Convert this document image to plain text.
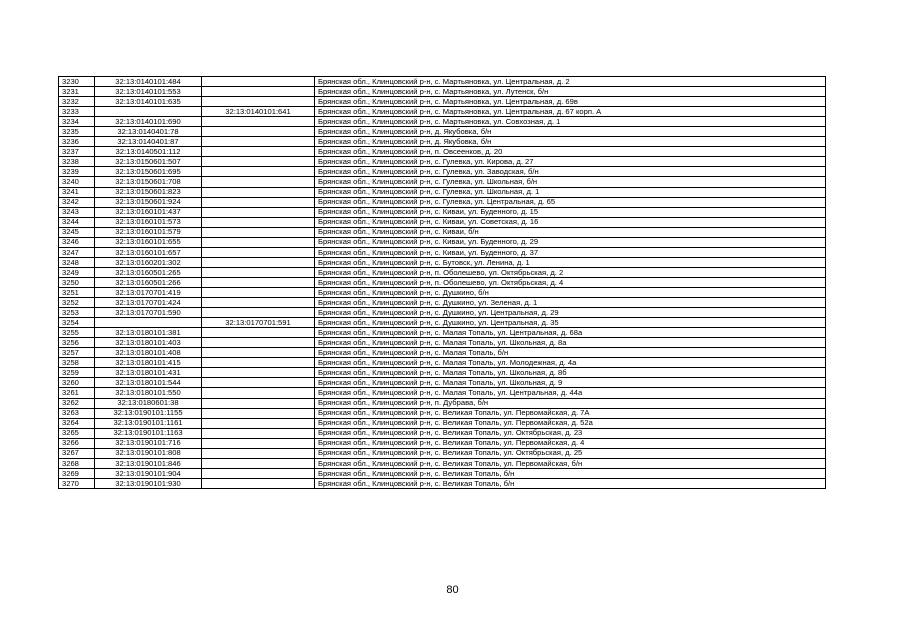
3230	32:13:0140101:484		Брянская обл., Клинцовский р-н, с. Мартьяновка, ул. Центральная, д. 2
3231	32:13:0140101:553		Брянская обл., Клинцовский р-н, с. Мартьяновка, ул. Лутенск, б/н
3232	32:13:0140101:635		Брянская обл., Клинцовский р-н, с. Мартьяновка, ул. Центральная, д. 69в
3233		32:13:0140101:641	Брянская обл., Клинцовский р-н, с. Мартьяновка, ул. Центральная, д. 67 корп. А
3234	32:13:0140101:690		Брянская обл., Клинцовский р-н, с. Мартьяновка, ул. Совхозная, д. 1
3235	32:13:0140401:78		Брянская обл., Клинцовский р-н, д. Якубовка, б/н
3236	32:13:0140401:87		Брянская обл., Клинцовский р-н, д. Якубовка, б/н
3237	32:13:0140501:112		Брянская обл., Клинцовский р-н, п. Овсеенков, д. 20
3238	32:13:0150601:507		Брянская обл., Клинцовский р-н, с. Гулевка, ул. Кирова, д. 27
3239	32:13:0150601:695		Брянская обл., Клинцовский р-н, с. Гулевка, ул. Заводская, б/н
3240	32:13:0150601:708		Брянская обл., Клинцовский р-н, с. Гулевка, ул. Школьная, б/н
3241	32:13:0150601:823		Брянская обл., Клинцовский р-н, с. Гулевка, ул. Школьная, д. 1
3242	32:13:0150601:924		Брянская обл., Клинцовский р-н, с. Гулевка, ул. Центральная, д. 65
3243	32:13:0160101:437		Брянская обл., Клинцовский р-н, с. Киваи, ул. Буденного, д. 15
3244	32:13:0160101:573		Брянская обл., Клинцовский р-н, с. Киваи, ул. Советская, д. 16
3245	32:13:0160101:579		Брянская обл., Клинцовский р-н, с. Киваи, б/н
3246	32:13:0160101:655		Брянская обл., Клинцовский р-н, с. Киваи, ул. Буденного, д. 29
3247	32:13:0160101:657		Брянская обл., Клинцовский р-н, с. Киваи, ул. Буденного, д. 37
3248	32:13:0160201:302		Брянская обл., Клинцовский р-н, с. Бутовск, ул. Ленина, д. 1
3249	32:13:0160501:265		Брянская обл., Клинцовский р-н, п. Оболешево, ул. Октябрьская, д. 2
3250	32:13:0160501:266		Брянская обл., Клинцовский р-н, п. Оболешево, ул. Октябрьская, д. 4
3251	32:13:0170701:419		Брянская обл., Клинцовский р-н, с. Душкино, б/н
3252	32:13:0170701:424		Брянская обл., Клинцовский р-н, с. Душкино, ул. Зеленая, д. 1
3253	32:13:0170701:590		Брянская обл., Клинцовский р-н, с. Душкино, ул. Центральная, д. 29
3254		32:13:0170701:591	Брянская обл., Клинцовский р-н, с. Душкино, ул. Центральная, д. 35
3255	32:13:0180101:381		Брянская обл., Клинцовский р-н, с. Малая Топаль, ул. Центральная, д. 68а
3256	32:13:0180101:403		Брянская обл., Клинцовский р-н, с. Малая Топаль, ул. Школьная, д. 8а
3257	32:13:0180101:408		Брянская обл., Клинцовский р-н, с. Малая Топаль, б/н
3258	32:13:0180101:415		Брянская обл., Клинцовский р-н, с. Малая Топаль, ул. Молодежная, д. 4а
3259	32:13:0180101:431		Брянская обл., Клинцовский р-н, с. Малая Топаль, ул. Школьная, д. 8б
3260	32:13:0180101:544		Брянская обл., Клинцовский р-н, с. Малая Топаль, ул. Школьная, д. 9
3261	32:13:0180101:550		Брянская обл., Клинцовский р-н, с. Малая Топаль, ул. Центральная, д. 44а
3262	32:13:0180601:38		Брянская обл., Клинцовский р-н, п. Дубрава, б/н
3263	32:13:0190101:1155		Брянская обл., Клинцовский р-н, с. Великая Топаль, ул. Первомайская, д. 7А
3264	32:13:0190101:1161		Брянская обл., Клинцовский р-н, с. Великая Топаль, ул. Первомайская, д. 52а
3265	32:13:0190101:1163		Брянская обл., Клинцовский р-н, с. Великая Топаль, ул. Октябрьская, д. 23
3266	32:13:0190101:716		Брянская обл., Клинцовский р-н, с. Великая Топаль, ул. Первомайская, д. 4
3267	32:13:0190101:808		Брянская обл., Клинцовский р-н, с. Великая Топаль, ул. Октябрьская, д. 25
3268	32:13:0190101:846		Брянская обл., Клинцовский р-н, с. Великая Топаль, ул. Первомайская, б/н
3269	32:13:0190101:904		Брянская обл., Клинцовский р-н, с. Великая Топаль, б/н
3270	32:13:0190101:930		Брянская обл., Клинцовский р-н, с. Великая Топаль, б/н
80
